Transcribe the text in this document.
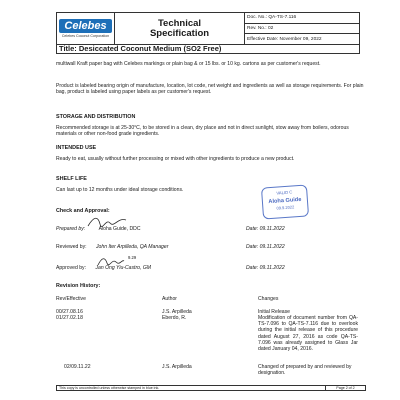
Celebes
Celebes Coconut Corporation
Technical
Specification
Doc. No.: QA-TS-7.116
Rev. No.: 02
Effective Date: November 09, 2022
Title: Desiccated Coconut Medium (SO2 Free)
multiwall Kraft paper bag with Celebes markings or plain bag & or 15 lbs. or 10 kg. cartons as per customer's request.
Product is labeled bearing origin of manufacture, location, lot code, net weight and ingredients as well as storage requirements. For plain bag, product is labeled using paper labels as per customer's request.
STORAGE AND DISTRIBUTION
Recommended storage is at 25-30°C, to be stored in a clean, dry place and not in direct sunlight, stow away from boilers, odorous materials or other non-food grade ingredients.
INTENDED USE
Ready to eat, usually without further processing or mixed with other ingredients to produce a new product.
SHELF LIFE
Can last up to 12 months under ideal storage conditions.
Check and Approval:
VALID C
Aloha Guide
09.9.2022
Prepared by:	Aloha Guide, DDC	Date: 09.11.2022
Reviewed by: John Iter Arpilleda, QA Manager	Date: 09.11.2022
9.29
Approved by: Jan Ong Yiu-Castro, GM	Date: 09.11.2022
Revision History:
Rev/Effective	Author	Changes
00/27.08.16	J.S. Arpilleda	Initial Release
01/27.02.18	Eberdo, R.	Modification of document number from QA-TS-7.096 to QA-TS-7.116 due to overlook during the initial release of this procedure dated August 27, 2016 as code QA-TS-7.096 was already assigned to Glass Jar dated January 04, 2016.
02/09.11.22	J.S. Arpilleda	Changed of prepared by and reviewed by designation.
This copy is uncontrolled unless otherwise stamped in blue ink.	Page 2 of 2
